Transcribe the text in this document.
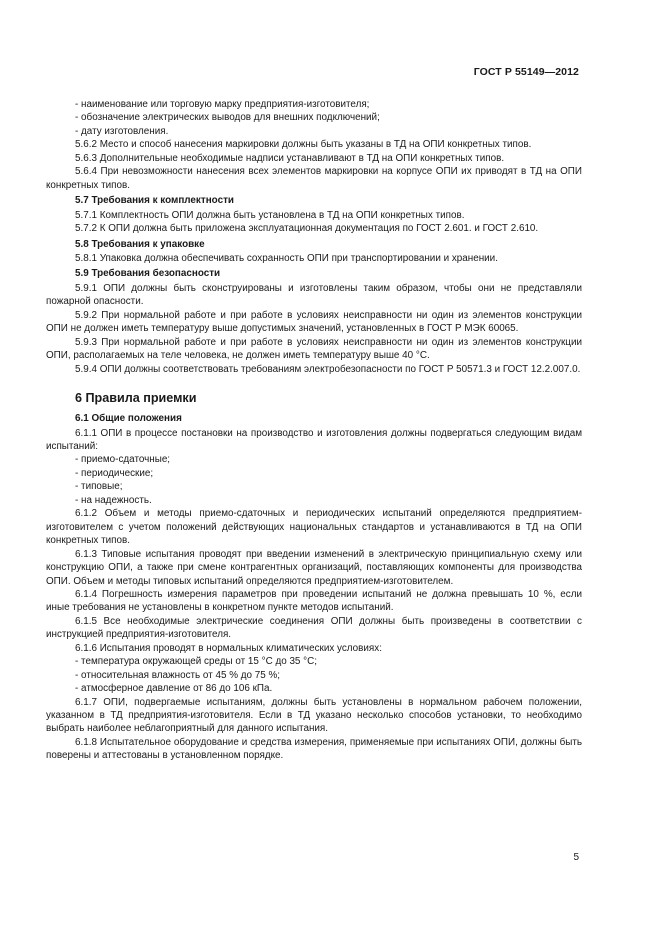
ГОСТ Р 55149—2012

- наименование или торговую марку предприятия-изготовителя;

- обозначение электрических выводов для внешних подключений;

- дату изготовления.

5.6.2 Место и способ нанесения маркировки должны быть указаны в ТД на ОПИ конкретных типов.

5.6.3 Дополнительные необходимые надписи устанавливают в ТД на ОПИ конкретных типов.

5.6.4 При невозможности нанесения всех элементов маркировки на корпусе ОПИ их приводят в ТД на ОПИ конкретных типов.

5.7 Требования к комплектности

5.7.1 Комплектность ОПИ должна быть установлена в ТД на ОПИ конкретных типов.

5.7.2 К ОПИ должна быть приложена эксплуатационная документация по ГОСТ 2.601. и ГОСТ 2.610.

5.8 Требования к упаковке

5.8.1 Упаковка должна обеспечивать сохранность ОПИ при транспортировании и хранении.

5.9 Требования безопасности

5.9.1 ОПИ должны быть сконструированы и изготовлены таким образом, чтобы они не представляли пожарной опасности.

5.9.2 При нормальной работе и при работе в условиях неисправности ни один из элементов конструкции ОПИ не должен иметь температуру выше допустимых значений, установленных в ГОСТ Р МЭК 60065.

5.9.3 При нормальной работе и при работе в условиях неисправности ни один из элементов конструкции ОПИ, располагаемых на теле человека, не должен иметь температуру выше 40 °С.

5.9.4 ОПИ должны соответствовать требованиям электробезопасности по ГОСТ Р 50571.3 и ГОСТ 12.2.007.0.

6 Правила приемки

6.1 Общие положения

6.1.1 ОПИ в процессе постановки на производство и изготовления должны подвергаться следующим видам испытаний:

- приемо-сдаточные;

- периодические;

- типовые;

- на надежность.

6.1.2 Объем и методы приемо-сдаточных и периодических испытаний определяются предприятием-изготовителем с учетом положений действующих национальных стандартов и устанавливаются в ТД на ОПИ конкретных типов.

6.1.3 Типовые испытания проводят при введении изменений в электрическую принципиальную схему или конструкцию ОПИ, а также при смене контрагентных организаций, поставляющих компоненты для производства ОПИ. Объем и методы типовых испытаний определяются предприятием-изготовителем.

6.1.4 Погрешность измерения параметров при проведении испытаний не должна превышать 10 %, если иные требования не установлены в конкретном пункте методов испытаний.

6.1.5 Все необходимые электрические соединения ОПИ должны быть произведены в соответствии с инструкцией предприятия-изготовителя.

6.1.6 Испытания проводят в нормальных климатических условиях:

- температура окружающей среды от 15 °С до 35 °С;

- относительная влажность от 45 % до 75 %;

- атмосферное давление от 86 до 106 кПа.

6.1.7 ОПИ, подвергаемые испытаниям, должны быть установлены в нормальном рабочем положении, указанном в ТД предприятия-изготовителя. Если в ТД указано несколько способов установки, то необходимо выбрать наиболее неблагоприятный для данного испытания.

6.1.8 Испытательное оборудование и средства измерения, применяемые при испытаниях ОПИ, должны быть поверены и аттестованы в установленном порядке.

5
